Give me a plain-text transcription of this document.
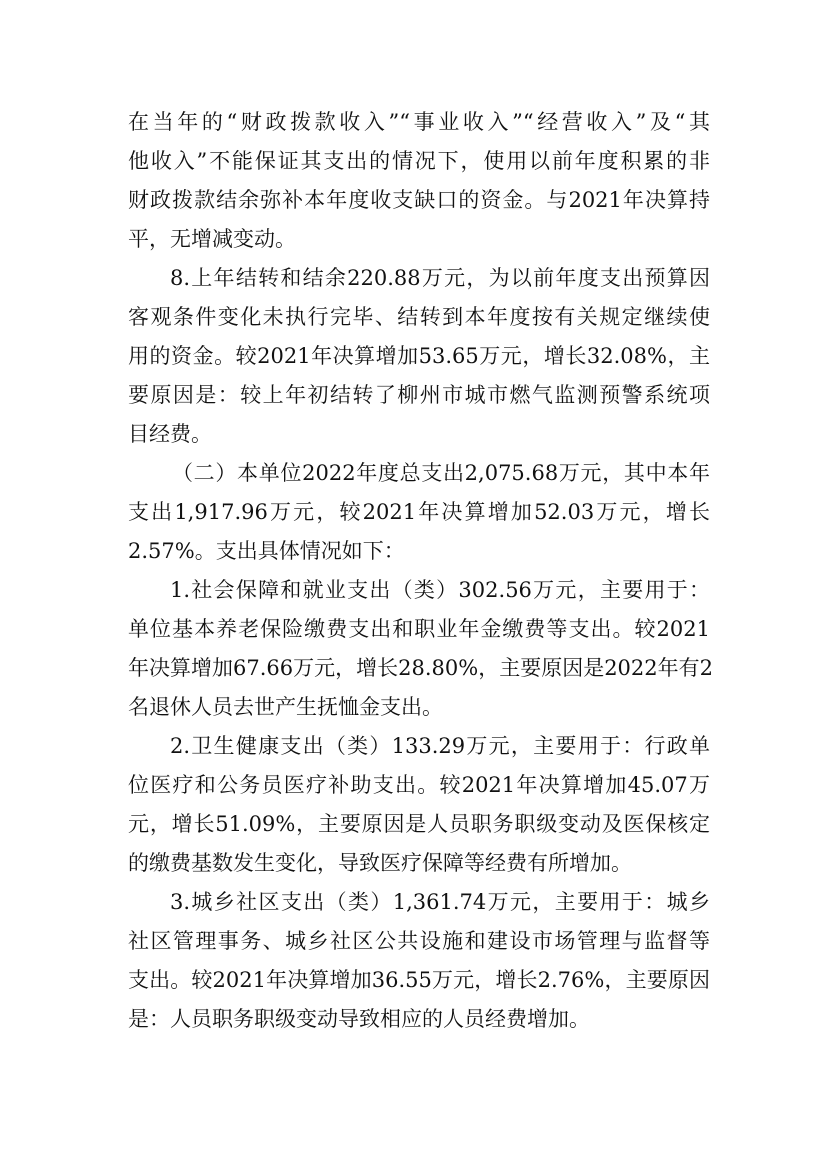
在当年的“财政拨款收入”“事业收入”“经营收入”及“其
他收入”不能保证其支出的情况下，使用以前年度积累的非
财政拨款结余弥补本年度收支缺口的资金。与2021年决算持
平，无增减变动。
8.上年结转和结余220.88万元，为以前年度支出预算因
客观条件变化未执行完毕、结转到本年度按有关规定继续使
用的资金。较2021年决算增加53.65万元，增长32.08%，主
要原因是：较上年初结转了柳州市城市燃气监测预警系统项
目经费。
（二）本单位2022年度总支出2,075.68万元，其中本年
支出1,917.96万元，较2021年决算增加52.03万元，增长
2.57%。支出具体情况如下：
1.社会保障和就业支出（类）302.56万元，主要用于：
单位基本养老保险缴费支出和职业年金缴费等支出。较2021
年决算增加67.66万元，增长28.80%，主要原因是2022年有2
名退休人员去世产生抚恤金支出。
2.卫生健康支出（类）133.29万元，主要用于：行政单
位医疗和公务员医疗补助支出。较2021年决算增加45.07万
元，增长51.09%，主要原因是人员职务职级变动及医保核定
的缴费基数发生变化，导致医疗保障等经费有所增加。
3.城乡社区支出（类）1,361.74万元，主要用于：城乡
社区管理事务、城乡社区公共设施和建设市场管理与监督等
支出。较2021年决算增加36.55万元，增长2.76%，主要原因
是：人员职务职级变动导致相应的人员经费增加。
